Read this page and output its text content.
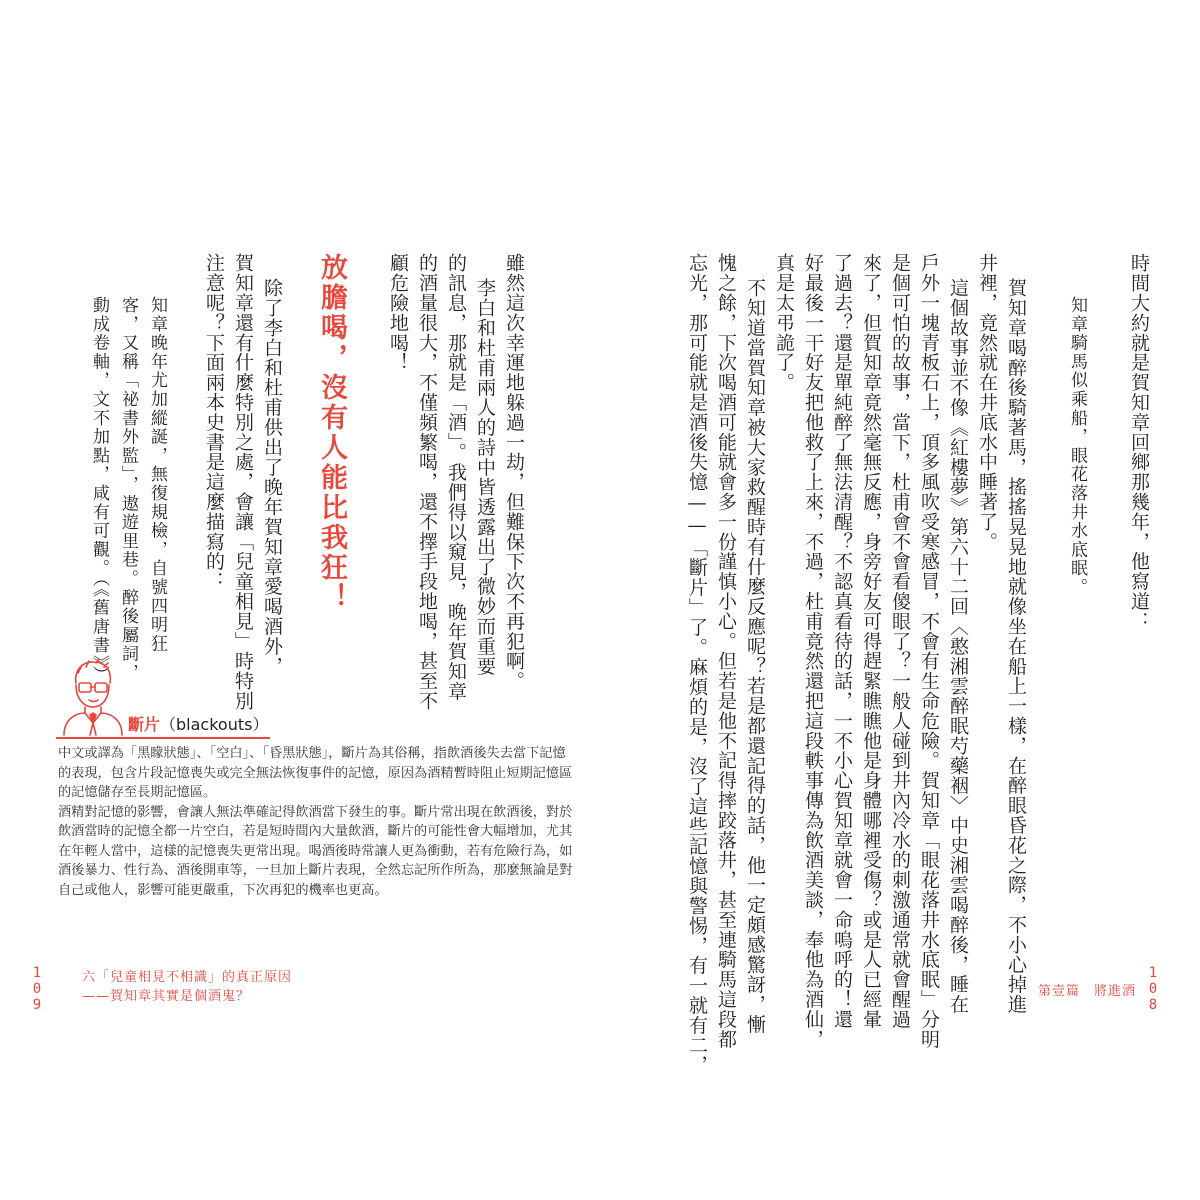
時間大約就是賀知章回鄉那幾年，他寫道：
知章騎馬似乘船，眼花落井水底眠。
賀知章喝醉後騎著馬，搖搖晃晃地就像坐在船上一樣，在醉眼昏花之際，不小心掉進
井裡，竟然就在井底水中睡著了。
這個故事並不像《紅樓夢》第六十二回〈憨湘雲醉眠芍藥裀〉中史湘雲喝醉後，睡在
戶外一塊青板石上，頂多風吹受寒感冒，不會有生命危險。賀知章「眼花落井水底眠」分明
是個可怕的故事，當下，杜甫會不會看傻眼了？一般人碰到井內冷水的刺激通常就會醒過
來了，但賀知章竟然毫無反應，身旁好友可得趕緊瞧瞧他是身體哪裡受傷？或是人已經暈
了過去？還是單純醉了無法清醒？不認真看待的話，一不小心賀知章就會一命嗚呼的！還
好最後一干好友把他救了上來，不過，杜甫竟然還把這段軼事傳為飲酒美談，奉他為酒仙，
真是太弔詭了。
不知道當賀知章被大家救醒時有什麼反應呢？若是都還記得的話，他一定頗感驚訝，慚
愧之餘，下次喝酒可能就會多一份謹慎小心。但若是他不記得摔跤落井，甚至連騎馬這段都
忘光，那可能就是酒後失憶——「斷片」了。麻煩的是，沒了這些記憶與警惕，有一就有二，	第壹篇　將進酒 108
雖然這次幸運地躲過一劫，但難保下次不再犯啊。
李白和杜甫兩人的詩中皆透露出了微妙而重要
的訊息，那就是「酒」。我們得以窺見，晚年賀知章
的酒量很大，不僅頻繁喝，還不擇手段地喝，甚至不
顧危險地喝！
放膽喝，沒有人能比我狂！
除了李白和杜甫供出了晚年賀知章愛喝酒外，
賀知章還有什麼特別之處，會讓「兒童相見」時特別
注意呢？下面兩本史書是這麼描寫的：
知章晚年尤加縱誕，無復規檢，自號四明狂
客，又稱「祕書外監」，遨遊里巷。醉後屬詞，
動成卷軸，文不加點，咸有可觀。（《舊唐書》）
斷片（blackouts）

中文或譯為「黑矇狀態」、「空白」、「昏黑狀態」，斷片為其俗稱，指飲酒後失去當下記憶的表現，包含片段記憶喪失或完全無法恢復事件的記憶，原因為酒精暫時阻止短期記憶區的記憶儲存至長期記憶區。

酒精對記憶的影響，會讓人無法準確記得飲酒當下發生的事。斷片常出現在飲酒後，對於飲酒當時的記憶全都一片空白，若是短時間內大量飲酒，斷片的可能性會大幅增加，尤其在年輕人當中，這樣的記憶喪失更常出現。喝酒後時常讓人更為衝動，若有危險行為，如酒後暴力、性行為、酒後開車等，一旦加上斷片表現，全然忘記所作所為，那麼無論是對自己或他人，影響可能更嚴重，下次再犯的機率也更高。

109	六「兒童相見不相識」的真正原因
——賀知章其實是個酒鬼？
